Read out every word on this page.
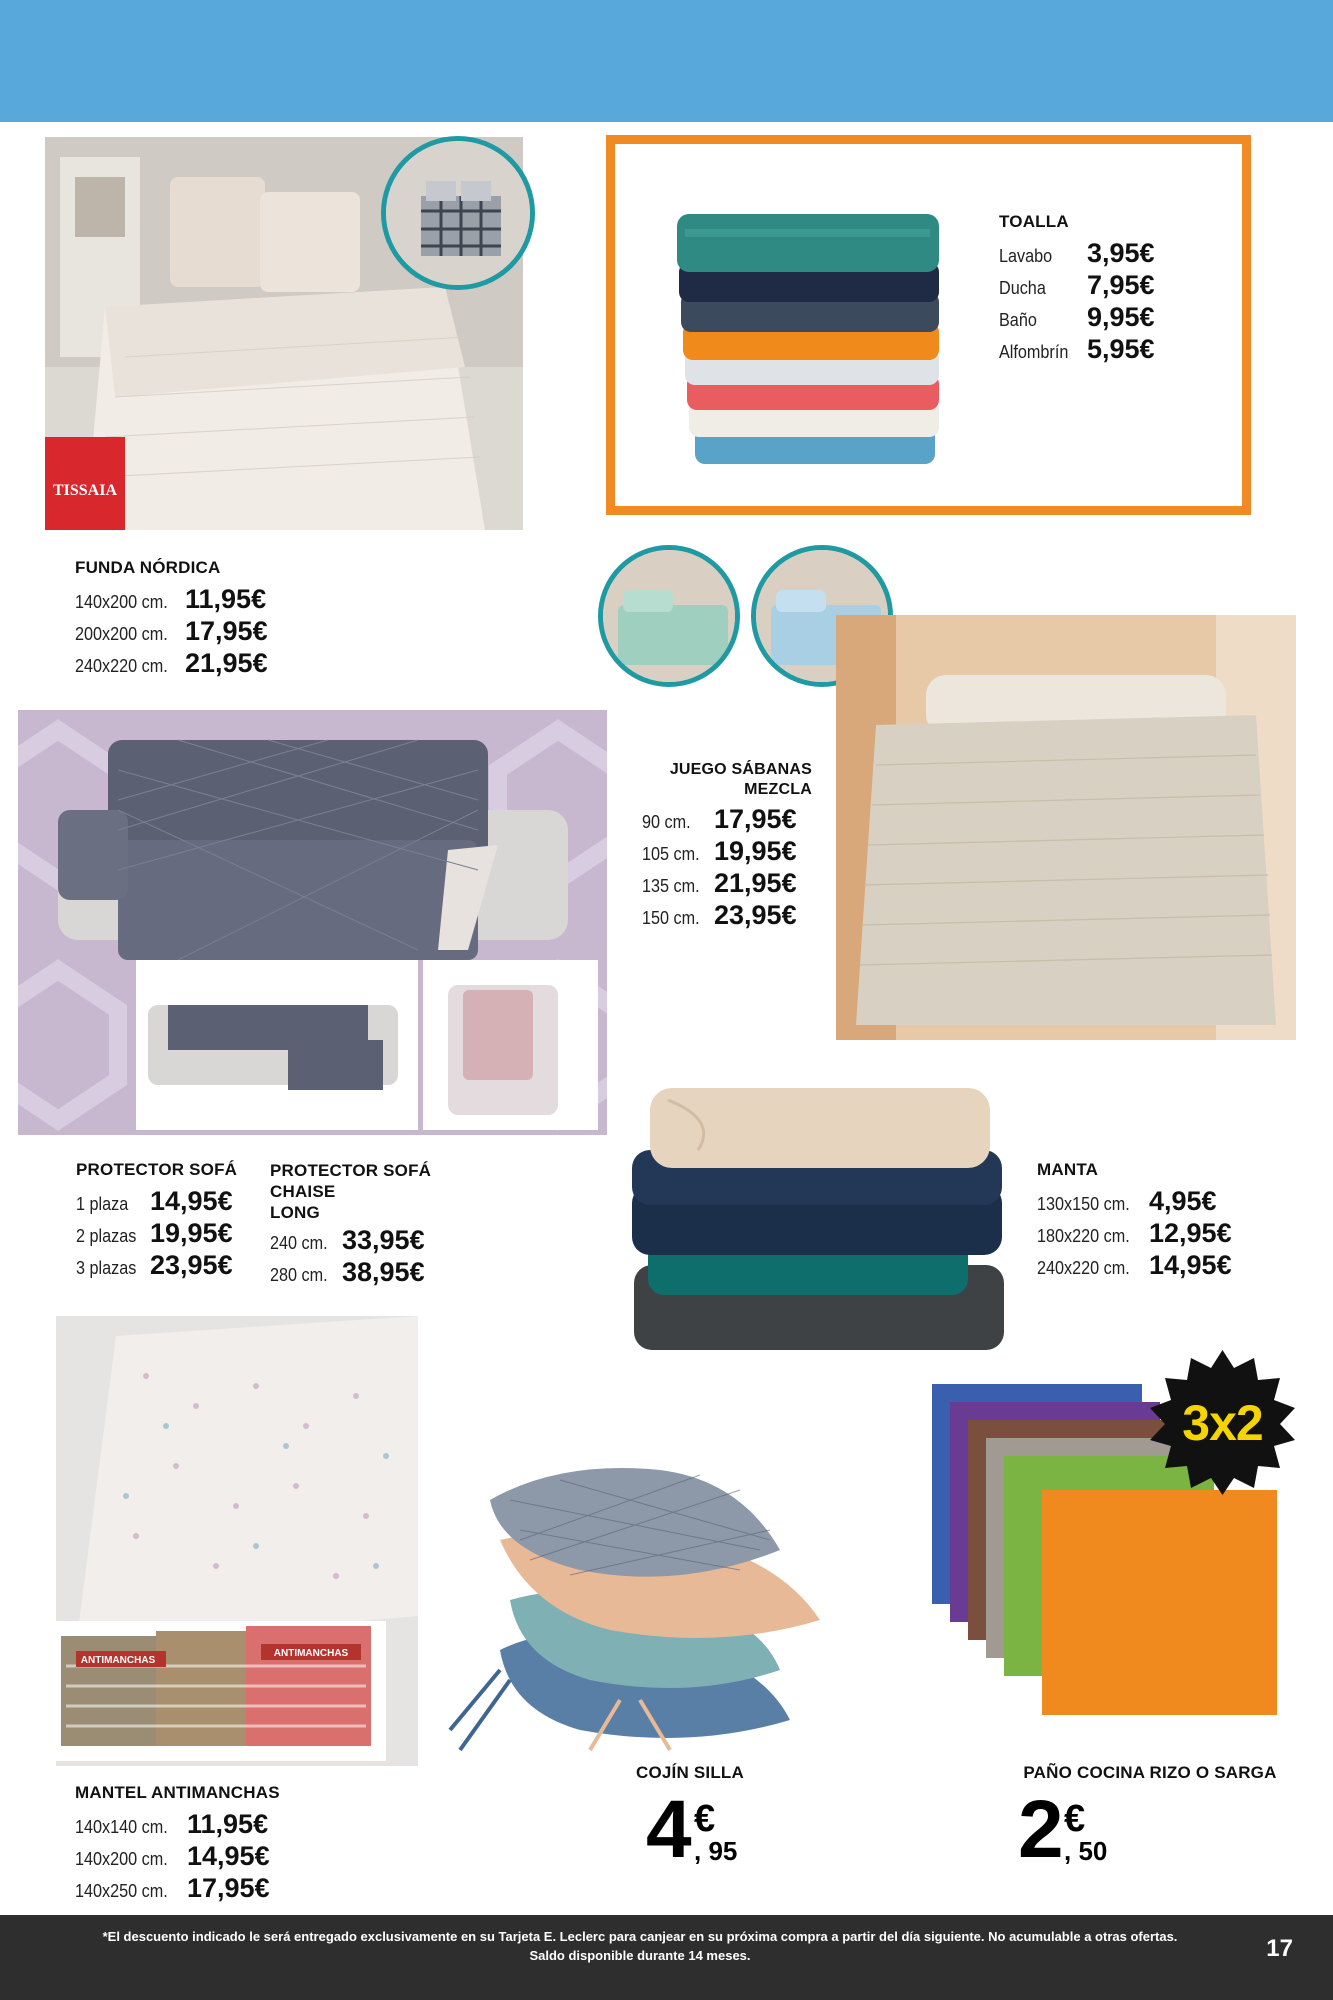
TISSAIA
FUNDA NÓRDICA
140x200 cm. 11,95€
200x200 cm. 17,95€
240x220 cm. 21,95€
TOALLA
Lavabo	3,95€
Ducha	7,95€
Baño	9,95€
Alfombrín 5,95€
JUEGO SÁBANAS
MEZCLA
90 cm. 17,95€
105 cm. 19,95€
135 cm. 21,95€
150 cm. 23,95€
PROTECTOR SOFÁ
1 plaza 14,95€
2 plazas 19,95€
3 plazas 23,95€
PROTECTOR SOFÁ CHAISE
LONG
240 cm. 33,95€
280 cm. 38,95€
MANTA
130x150 cm. 4,95€
180x220 cm. 12,95€
240x220 cm. 14,95€
ANTIMANCHAS
ANTIMANCHAS
MANTEL ANTIMANCHAS
140x140 cm. 11,95€
140x200 cm. 14,95€
140x250 cm. 17,95€
COJÍN SILLA
4 €
, 95
3x2
PAÑO COCINA RIZO O SARGA
2 €
, 50
*El descuento indicado le será entregado exclusivamente en su Tarjeta E. Leclerc para canjear en su próxima compra a partir del día siguiente. No acumulable a otras ofertas.
Saldo disponible durante 14 meses.	17
